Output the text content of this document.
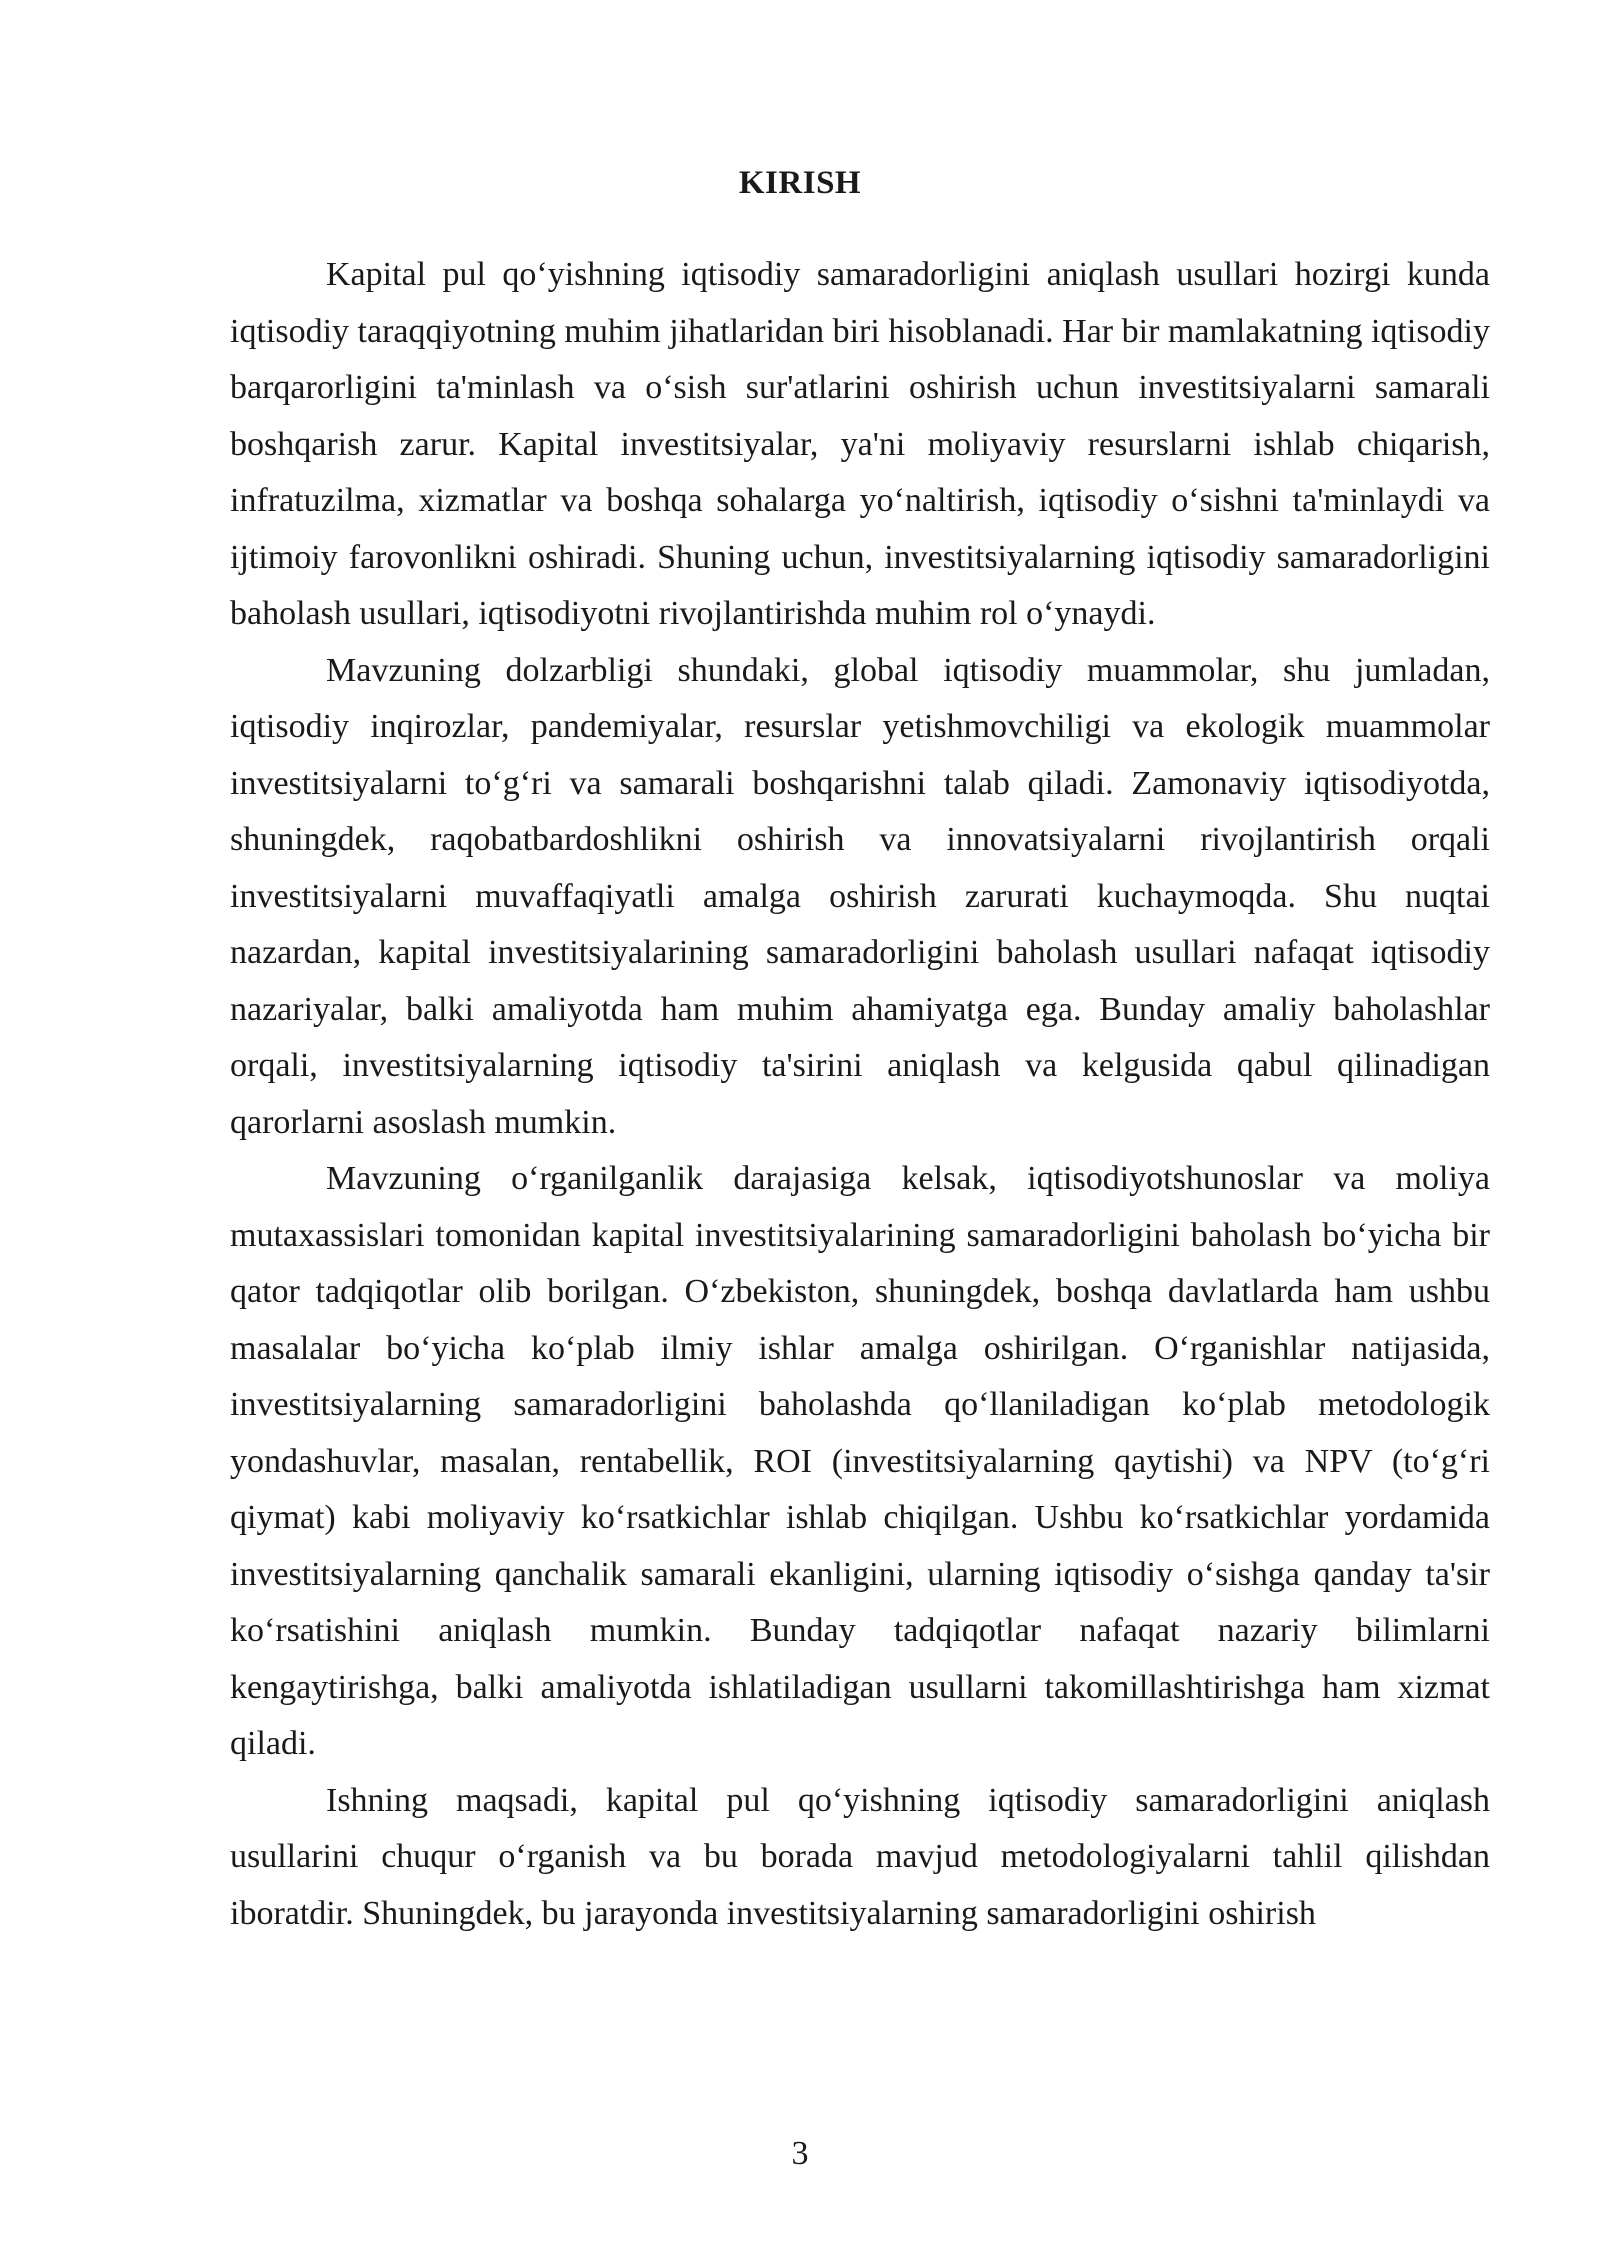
KIRISH

Kapital pul qo‘yishning iqtisodiy samaradorligini aniqlash usullari hozirgi kunda iqtisodiy taraqqiyotning muhim jihatlaridan biri hisoblanadi. Har bir mamlakatning iqtisodiy barqarorligini ta'minlash va o‘sish sur'atlarini oshirish uchun investitsiyalarni samarali boshqarish zarur. Kapital investitsiyalar, ya'ni moliyaviy resurslarni ishlab chiqarish, infratuzilma, xizmatlar va boshqa sohalarga yo‘naltirish, iqtisodiy o‘sishni ta'minlaydi va ijtimoiy farovonlikni oshiradi. Shuning uchun, investitsiyalarning iqtisodiy samaradorligini baholash usullari, iqtisodiyotni rivojlantirishda muhim rol o‘ynaydi.

Mavzuning dolzarbligi shundaki, global iqtisodiy muammolar, shu jumladan, iqtisodiy inqirozlar, pandemiyalar, resurslar yetishmovchiligi va ekologik muammolar investitsiyalarni to‘g‘ri va samarali boshqarishni talab qiladi. Zamonaviy iqtisodiyotda, shuningdek, raqobatbardoshlikni oshirish va innovatsiyalarni rivojlantirish orqali investitsiyalarni muvaffaqiyatli amalga oshirish zarurati kuchaymoqda. Shu nuqtai nazardan, kapital investitsiyalarining samaradorligini baholash usullari nafaqat iqtisodiy nazariyalar, balki amaliyotda ham muhim ahamiyatga ega. Bunday amaliy baholashlar orqali, investitsiyalarning iqtisodiy ta'sirini aniqlash va kelgusida qabul qilinadigan qarorlarni asoslash mumkin.

Mavzuning o‘rganilganlik darajasiga kelsak, iqtisodiyotshunoslar va moliya mutaxassislari tomonidan kapital investitsiyalarining samaradorligini baholash bo‘yicha bir qator tadqiqotlar olib borilgan. O‘zbekiston, shuningdek, boshqa davlatlarda ham ushbu masalalar bo‘yicha ko‘plab ilmiy ishlar amalga oshirilgan. O‘rganishlar natijasida, investitsiyalarning samaradorligini baholashda qo‘llaniladigan ko‘plab metodologik yondashuvlar, masalan, rentabellik, ROI (investitsiyalarning qaytishi) va NPV (to‘g‘ri qiymat) kabi moliyaviy ko‘rsatkichlar ishlab chiqilgan. Ushbu ko‘rsatkichlar yordamida investitsiyalarning qanchalik samarali ekanligini, ularning iqtisodiy o‘sishga qanday ta'sir ko‘rsatishini aniqlash mumkin. Bunday tadqiqotlar nafaqat nazariy bilimlarni kengaytirishga, balki amaliyotda ishlatiladigan usullarni takomillashtirishga ham xizmat qiladi.

Ishning maqsadi, kapital pul qo‘yishning iqtisodiy samaradorligini aniqlash usullarini chuqur o‘rganish va bu borada mavjud metodologiyalarni tahlil qilishdan iboratdir. Shuningdek, bu jarayonda investitsiyalarning samaradorligini oshirish

3
